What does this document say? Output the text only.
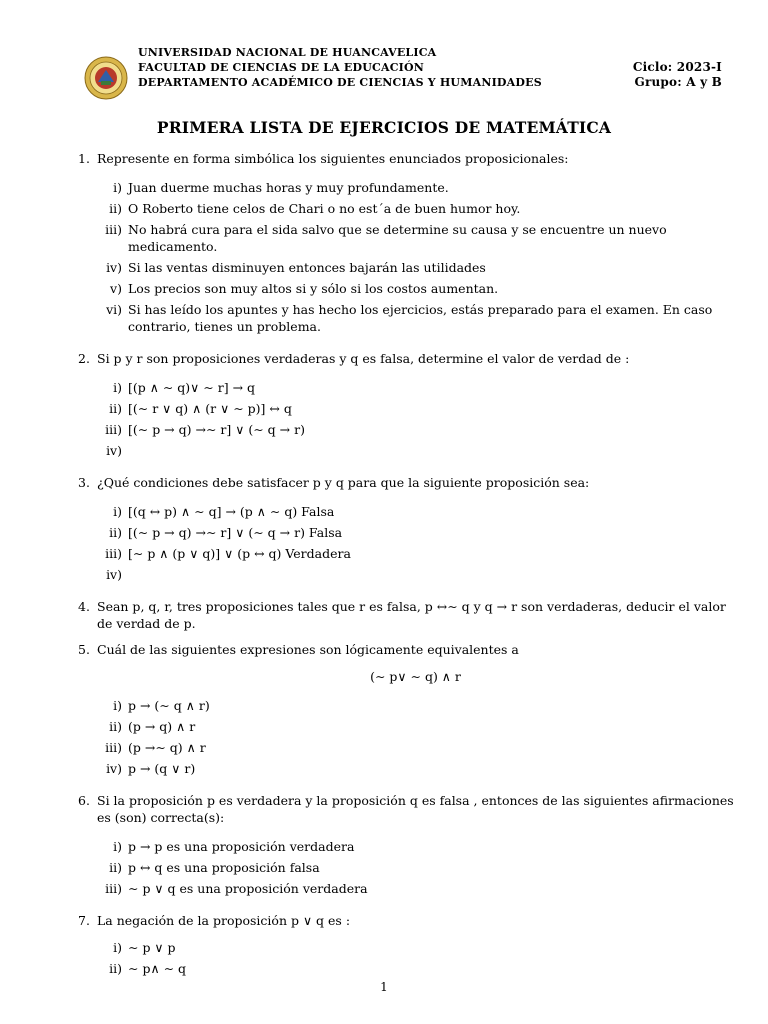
UNIVERSIDAD NACIONAL DE HUANCAVELICA
FACULTAD DE CIENCIAS DE LA EDUCACIÓN	Ciclo: 2023-I
DEPARTAMENTO ACADÉMICO DE CIENCIAS Y HUMANIDADES	Grupo: A y B
PRIMERA LISTA DE EJERCICIOS DE MATEMÁTICA
1. Represente en forma simbólica los siguientes enunciados proposicionales:
i) Juan duerme muchas horas y muy profundamente.
ii) O Roberto tiene celos de Chari o no est´a de buen humor hoy.
iii) No habrá cura para el sida salvo que se determine su causa y se encuentre un nuevo medicamento.
iv) Si las ventas disminuyen entonces bajarán las utilidades
v) Los precios son muy altos si y sólo si los costos aumentan.
vi) Si has leído los apuntes y has hecho los ejercicios, estás preparado para el examen. En caso contrario, tienes un problema.
2. Si p y r son proposiciones verdaderas y q es falsa, determine el valor de verdad de :
i) [(p ∧ ∼ q)∨ ∼ r] → q
ii) [(∼ r ∨ q) ∧ (r ∨ ∼ p)] ↔ q
iii) [(∼ p → q) →∼ r] ∨ (∼ q → r)
iv)
3. ¿Qué condiciones debe satisfacer p y q para que la siguiente proposición sea:
i) [(q ↔ p) ∧ ∼ q] → (p ∧ ∼ q) Falsa
ii) [(∼ p → q) →∼ r] ∨ (∼ q → r) Falsa
iii) [∼ p ∧ (p ∨ q)] ∨ (p ↔ q) Verdadera
iv)
4. Sean p, q, r, tres proposiciones tales que r es falsa, p ↔∼ q y q → r son verdaderas, deducir el valor de verdad de p.
5. Cuál de las siguientes expresiones son lógicamente equivalentes a
(∼ p∨ ∼ q) ∧ r
i) p → (∼ q ∧ r)
ii) (p → q) ∧ r
iii) (p →∼ q) ∧ r
iv) p → (q ∨ r)
6. Si la proposición p es verdadera y la proposición q es falsa , entonces de las siguientes afirmaciones es (son) correcta(s):
i) p → p es una proposición verdadera
ii) p ↔ q es una proposición falsa
iii) ∼ p ∨ q es una proposición verdadera
7. La negación de la proposición p ∨ q es :
i) ∼ p ∨ p
ii) ∼ p∧ ∼ q
1
